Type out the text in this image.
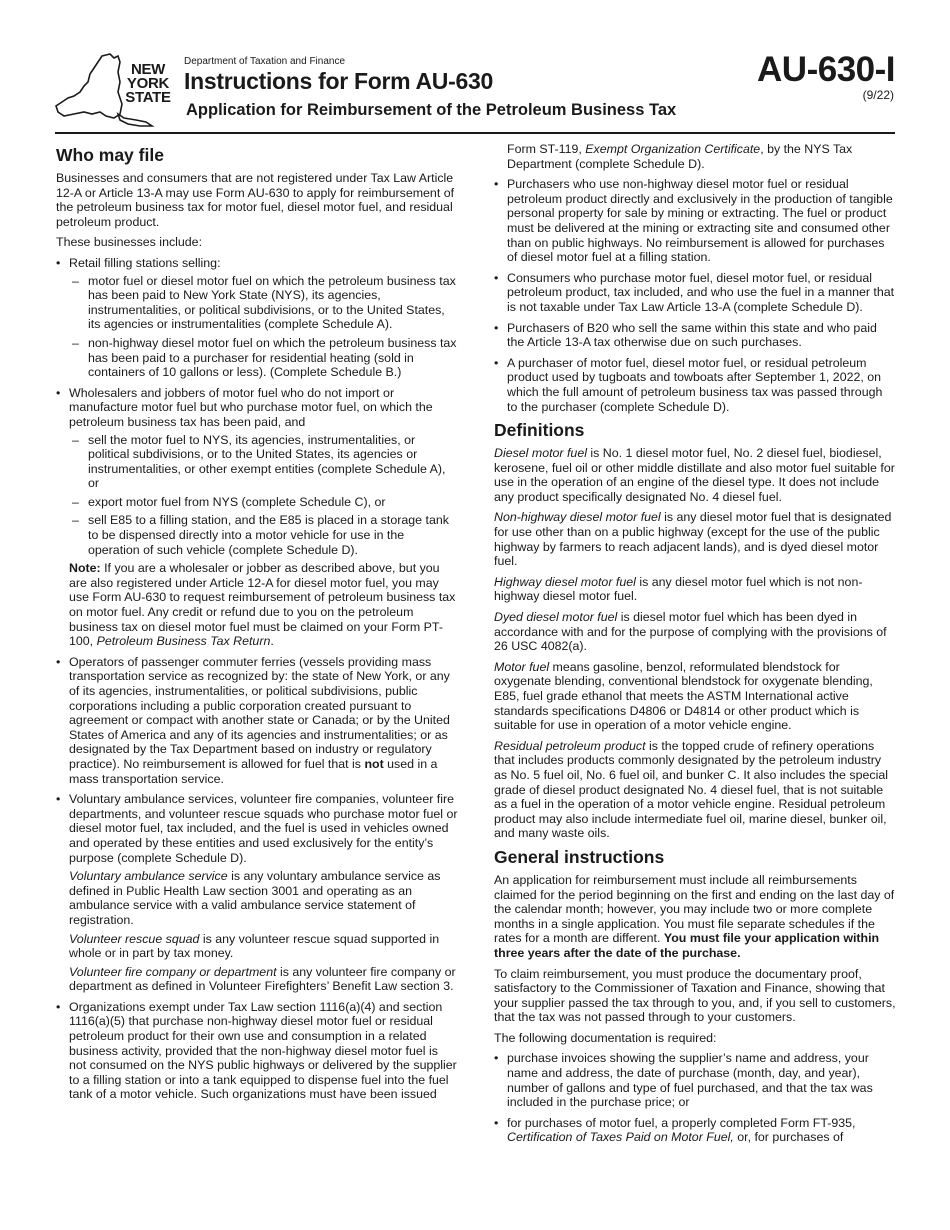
NEW
YORK
STATE
Department of Taxation and Finance
Instructions for Form AU-630
Application for Reimbursement of the Petroleum Business Tax
AU-630-I
(9/22)
Who may file

Businesses and consumers that are not registered under Tax Law Article 12-A or Article 13-A may use Form AU-630 to apply for reimbursement of the petroleum business tax for motor fuel, diesel motor fuel, and residual petroleum product.

These businesses include:

• Retail filling stations selling:
– motor fuel or diesel motor fuel on which the petroleum business tax has been paid to New York State (NYS), its agencies, instrumentalities, or political subdivisions, or to the United States, its agencies or instrumentalities (complete Schedule A).
– non-highway diesel motor fuel on which the petroleum business tax has been paid to a purchaser for residential heating (sold in containers of 10 gallons or less). (Complete Schedule B.)
• Wholesalers and jobbers of motor fuel who do not import or manufacture motor fuel but who purchase motor fuel, on which the petroleum business tax has been paid, and
– sell the motor fuel to NYS, its agencies, instrumentalities, or political subdivisions, or to the United States, its agencies or instrumentalities, or other exempt entities (complete Schedule A), or
– export motor fuel from NYS (complete Schedule C), or
– sell E85 to a filling station, and the E85 is placed in a storage tank to be dispensed directly into a motor vehicle for use in the operation of such vehicle (complete Schedule D).

Note: If you are a wholesaler or jobber as described above, but you are also registered under Article 12-A for diesel motor fuel, you may use Form AU-630 to request reimbursement of petroleum business tax on motor fuel. Any credit or refund due to you on the petroleum business tax on diesel motor fuel must be claimed on your Form PT-100, Petroleum Business Tax Return.

• Operators of passenger commuter ferries (vessels providing mass transportation service as recognized by: the state of New York, or any of its agencies, instrumentalities, or political subdivisions, public corporations including a public corporation created pursuant to agreement or compact with another state or Canada; or by the United States of America and any of its agencies and instrumentalities; or as designated by the Tax Department based on industry or regulatory practice). No reimbursement is allowed for fuel that is not used in a mass transportation service.

• Voluntary ambulance services, volunteer fire companies, volunteer fire departments, and volunteer rescue squads who purchase motor fuel or diesel motor fuel, tax included, and the fuel is used in vehicles owned and operated by these entities and used exclusively for the entity’s purpose (complete Schedule D).

Voluntary ambulance service is any voluntary ambulance service as defined in Public Health Law section 3001 and operating as an ambulance service with a valid ambulance service statement of registration.

Volunteer rescue squad is any volunteer rescue squad supported in whole or in part by tax money.

Volunteer fire company or department is any volunteer fire company or department as defined in Volunteer Firefighters’ Benefit Law section 3.

• Organizations exempt under Tax Law section 1116(a)(4) and section 1116(a)(5) that purchase non-highway diesel motor fuel or residual petroleum product for their own use and consumption in a related business activity, provided that the non-highway diesel motor fuel is not consumed on the NYS public highways or delivered by the supplier to a filling station or into a tank equipped to dispense fuel into the fuel tank of a motor vehicle. Such organizations must have been issued
Form ST-119, Exempt Organization Certificate, by the NYS Tax Department (complete Schedule D).
• Purchasers who use non-highway diesel motor fuel or residual petroleum product directly and exclusively in the production of tangible personal property for sale by mining or extracting. The fuel or product must be delivered at the mining or extracting site and consumed other than on public highways. No reimbursement is allowed for purchases of diesel motor fuel at a filling station.
• Consumers who purchase motor fuel, diesel motor fuel, or residual petroleum product, tax included, and who use the fuel in a manner that is not taxable under Tax Law Article 13-A (complete Schedule D).
• Purchasers of B20 who sell the same within this state and who paid the Article 13-A tax otherwise due on such purchases.
• A purchaser of motor fuel, diesel motor fuel, or residual petroleum product used by tugboats and towboats after September 1, 2022, on which the full amount of petroleum business tax was passed through to the purchaser (complete Schedule D).
Definitions

Diesel motor fuel is No. 1 diesel motor fuel, No. 2 diesel fuel, biodiesel, kerosene, fuel oil or other middle distillate and also motor fuel suitable for use in the operation of an engine of the diesel type. It does not include any product specifically designated No. 4 diesel fuel.

Non-highway diesel motor fuel is any diesel motor fuel that is designated for use other than on a public highway (except for the use of the public highway by farmers to reach adjacent lands), and is dyed diesel motor fuel.

Highway diesel motor fuel is any diesel motor fuel which is not non-highway diesel motor fuel.

Dyed diesel motor fuel is diesel motor fuel which has been dyed in accordance with and for the purpose of complying with the provisions of 26 USC 4082(a).

Motor fuel means gasoline, benzol, reformulated blendstock for oxygenate blending, conventional blendstock for oxygenate blending, E85, fuel grade ethanol that meets the ASTM International active standards specifications D4806 or D4814 or other product which is suitable for use in operation of a motor vehicle engine.

Residual petroleum product is the topped crude of refinery operations that includes products commonly designated by the petroleum industry as No. 5 fuel oil, No. 6 fuel oil, and bunker C. It also includes the special grade of diesel product designated No. 4 diesel fuel, that is not suitable as a fuel in the operation of a motor vehicle engine. Residual petroleum product may also include intermediate fuel oil, marine diesel, bunker oil, and many waste oils.

General instructions

An application for reimbursement must include all reimbursements claimed for the period beginning on the first and ending on the last day of the calendar month; however, you may include two or more complete months in a single application. You must file separate schedules if the rates for a month are different. You must file your application within three years after the date of the purchase.

To claim reimbursement, you must produce the documentary proof, satisfactory to the Commissioner of Taxation and Finance, showing that your supplier passed the tax through to you, and, if you sell to customers, that the tax was not passed through to your customers.

The following documentation is required:

• purchase invoices showing the supplier’s name and address, your name and address, the date of purchase (month, day, and year), number of gallons and type of fuel purchased, and that the tax was included in the purchase price; or
• for purchases of motor fuel, a properly completed Form FT-935, Certification of Taxes Paid on Motor Fuel, or, for purchases of
